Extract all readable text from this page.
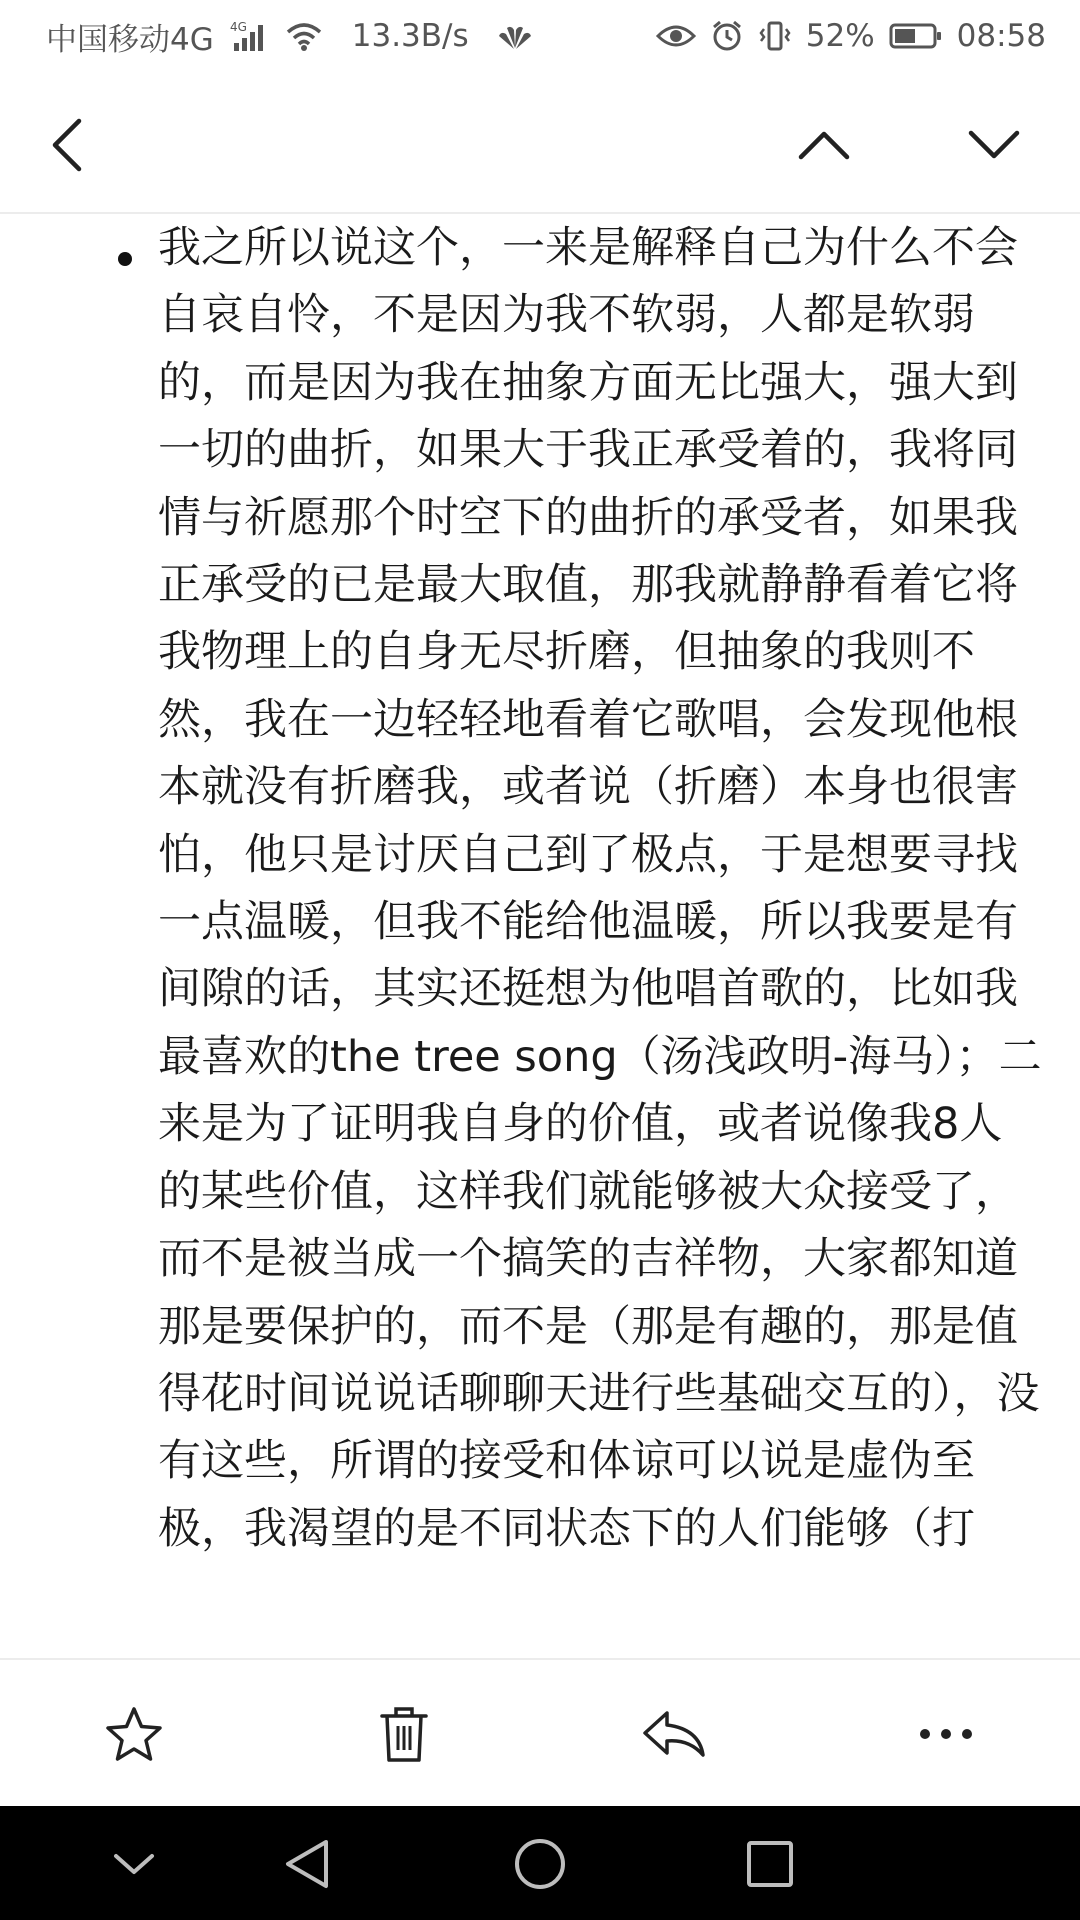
中国移动4G 4G	13.3B/s	52%	08:58
我之所以说这个，一来是解释自己为什么不会自哀自怜，不是因为我不软弱，人都是软弱的，而是因为我在抽象方面无比强大，强大到一切的曲折，如果大于我正承受着的，我将同情与祈愿那个时空下的曲折的承受者，如果我正承受的已是最大取值，那我就静静看着它将我物理上的自身无尽折磨，但抽象的我则不然，我在一边轻轻地看着它歌唱，会发现他根本就没有折磨我，或者说（折磨）本身也很害怕，他只是讨厌自己到了极点，于是想要寻找一点温暖，但我不能给他温暖，所以我要是有间隙的话，其实还挺想为他唱首歌的，比如我最喜欢的the tree song（汤浅政明-海马）；二来是为了证明我自身的价值，或者说像我8人的某些价值，这样我们就能够被大众接受了，而不是被当成一个搞笑的吉祥物，大家都知道那是要保护的，而不是（那是有趣的，那是值得花时间说说话聊聊天进行些基础交互的），没有这些，所谓的接受和体谅可以说是虚伪至极，我渴望的是不同状态下的人们能够（打
